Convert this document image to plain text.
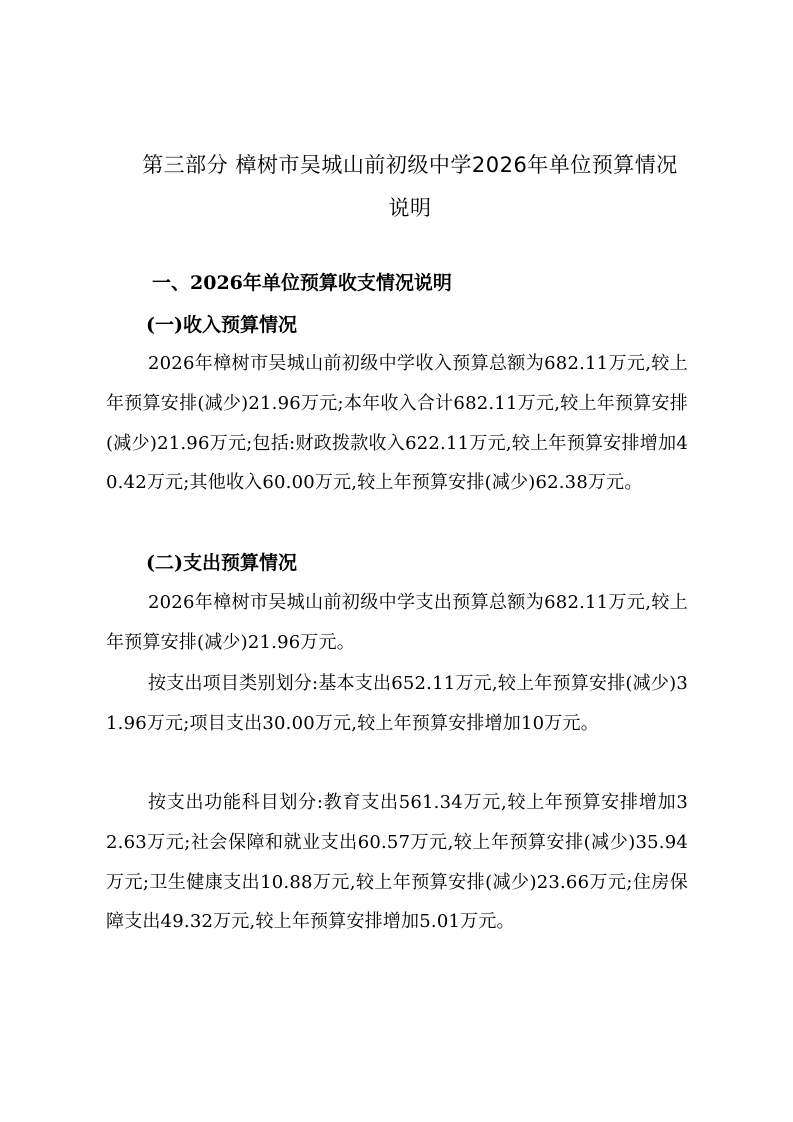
第三部分 樟树市吴城山前初级中学2026年单位预算情况
说明
一、2026年单位预算收支情况说明
(一)收入预算情况
2026年樟树市吴城山前初级中学收入预算总额为682.11万元,较上年预算安排(减少)21.96万元;本年收入合计682.11万元,较上年预算安排(减少)21.96万元;包括:财政拨款收入622.11万元,较上年预算安排增加40.42万元;其他收入60.00万元,较上年预算安排(减少)62.38万元。
(二)支出预算情况
2026年樟树市吴城山前初级中学支出预算总额为682.11万元,较上年预算安排(减少)21.96万元。
按支出项目类别划分:基本支出652.11万元,较上年预算安排(减少)31.96万元;项目支出30.00万元,较上年预算安排增加10万元。
按支出功能科目划分:教育支出561.34万元,较上年预算安排增加32.63万元;社会保障和就业支出60.57万元,较上年预算安排(减少)35.94万元;卫生健康支出10.88万元,较上年预算安排(减少)23.66万元;住房保障支出49.32万元,较上年预算安排增加5.01万元。
